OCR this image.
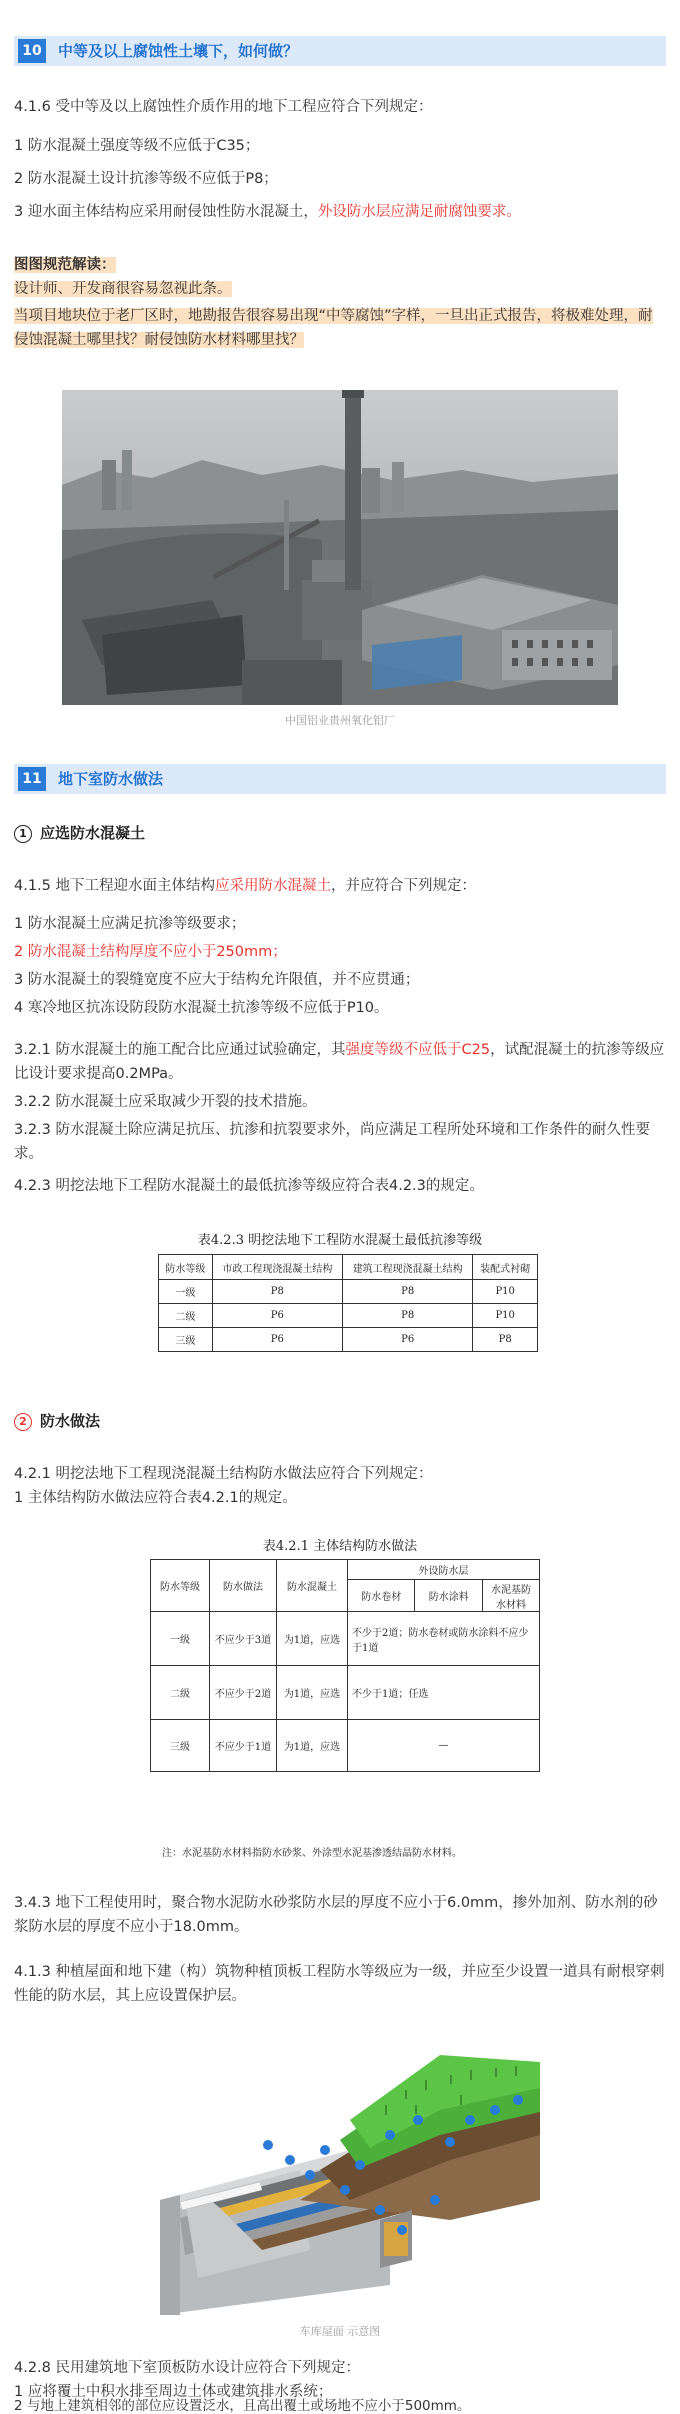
10 中等及以上腐蚀性土壤下，如何做？
4.1.6 受中等及以上腐蚀性介质作用的地下工程应符合下列规定：
1 防水混凝土强度等级不应低于C35；
2 防水混凝土设计抗渗等级不应低于P8；
3 迎水面主体结构应采用耐侵蚀性防水混凝土，外设防水层应满足耐腐蚀要求。
图图规范解读：
设计师、开发商很容易忽视此条。
当项目地块位于老厂区时，地勘报告很容易出现“中等腐蚀”字样，一旦出正式报告，将极难处理，耐侵蚀混凝土哪里找？耐侵蚀防水材料哪里找？
中国铝业贵州氧化铝厂
11 地下室防水做法
1 应选防水混凝土
4.1.5 地下工程迎水面主体结构应采用防水混凝土，并应符合下列规定：
1 防水混凝土应满足抗渗等级要求；
2 防水混凝土结构厚度不应小于250mm；
3 防水混凝土的裂缝宽度不应大于结构允许限值，并不应贯通；
4 寒冷地区抗冻设防段防水混凝土抗渗等级不应低于P10。
3.2.1 防水混凝土的施工配合比应通过试验确定，其强度等级不应低于C25，试配混凝土的抗渗等级应比设计要求提高0.2MPa。
3.2.2 防水混凝土应采取减少开裂的技术措施。
3.2.3 防水混凝土除应满足抗压、抗渗和抗裂要求外，尚应满足工程所处环境和工作条件的耐久性要求。
4.2.3 明挖法地下工程防水混凝土的最低抗渗等级应符合表4.2.3的规定。
表4.2.3 明挖法地下工程防水混凝土最低抗渗等级
防水等级	市政工程现浇混凝土结构	建筑工程现浇混凝土结构	装配式衬砌
一级	P8	P8	P10
二级	P6	P8	P10
三级	P6	P6	P8
2 防水做法
4.2.1 明挖法地下工程现浇混凝土结构防水做法应符合下列规定：
1 主体结构防水做法应符合表4.2.1的规定。
表4.2.1 主体结构防水做法
防水等级	防水做法	防水混凝土	外设防水层		
			防水卷材	防水涂料	水泥基防水材料
一级	不应少于3道	为1道，应选	不少于2道；防水卷材或防水涂料不应少于1道		
二级	不应少于2道	为1道，应选	不少于1道；任选		
三级	不应少于1道	为1道，应选	—		
注：水泥基防水材料指防水砂浆、外涂型水泥基渗透结晶防水材料。
3.4.3 地下工程使用时，聚合物水泥防水砂浆防水层的厚度不应小于6.0mm，掺外加剂、防水剂的砂浆防水层的厚度不应小于18.0mm。
4.1.3 种植屋面和地下建（构）筑物种植顶板工程防水等级应为一级，并应至少设置一道具有耐根穿刺性能的防水层，其上应设置保护层。
车库屋面 示意图
4.2.8 民用建筑地下室顶板防水设计应符合下列规定：
1 应将覆土中积水排至周边土体或建筑排水系统；
2 与地上建筑相邻的部位应设置泛水，且高出覆土或场地不应小于500mm。
